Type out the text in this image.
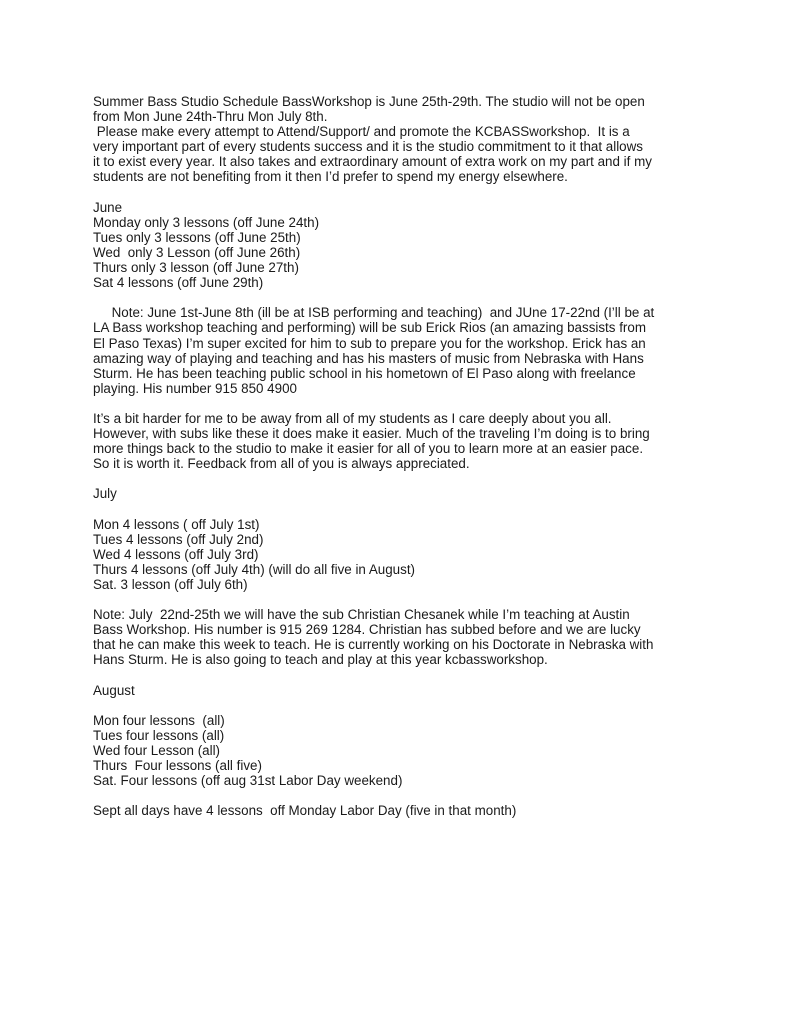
Summer Bass Studio Schedule BassWorkshop is June 25th-29th. The studio will not be open

from Mon June 24th-Thru Mon July 8th.

Please make every attempt to Attend/Support/ and promote the KCBASSworkshop.  It is a

very important part of every students success and it is the studio commitment to it that allows

it to exist every year. It also takes and extraordinary amount of extra work on my part and if my

students are not benefiting from it then I’d prefer to spend my energy elsewhere.

June

Monday only 3 lessons (off June 24th)

Tues only 3 lessons (off June 25th)

Wed  only 3 Lesson (off June 26th)

Thurs only 3 lesson (off June 27th)

Sat 4 lessons (off June 29th)

Note: June 1st-June 8th (ill be at ISB performing and teaching)  and JUne 17-22nd (I’ll be at

LA Bass workshop teaching and performing) will be sub Erick Rios (an amazing bassists from

El Paso Texas) I’m super excited for him to sub to prepare you for the workshop. Erick has an

amazing way of playing and teaching and has his masters of music from Nebraska with Hans

Sturm. He has been teaching public school in his hometown of El Paso along with freelance

playing. His number 915 850 4900

It’s a bit harder for me to be away from all of my students as I care deeply about you all.

However, with subs like these it does make it easier. Much of the traveling I’m doing is to bring

more things back to the studio to make it easier for all of you to learn more at an easier pace.

So it is worth it. Feedback from all of you is always appreciated.

July

Mon 4 lessons ( off July 1st)

Tues 4 lessons (off July 2nd)

Wed 4 lessons (off July 3rd)

Thurs 4 lessons (off July 4th) (will do all five in August)

Sat. 3 lesson (off July 6th)

Note: July  22nd-25th we will have the sub Christian Chesanek while I’m teaching at Austin

Bass Workshop. His number is 915 269 1284. Christian has subbed before and we are lucky

that he can make this week to teach. He is currently working on his Doctorate in Nebraska with

Hans Sturm. He is also going to teach and play at this year kcbassworkshop.

August

Mon four lessons  (all)

Tues four lessons (all)

Wed four Lesson (all)

Thurs  Four lessons (all five)

Sat. Four lessons (off aug 31st Labor Day weekend)

Sept all days have 4 lessons  off Monday Labor Day (five in that month)
